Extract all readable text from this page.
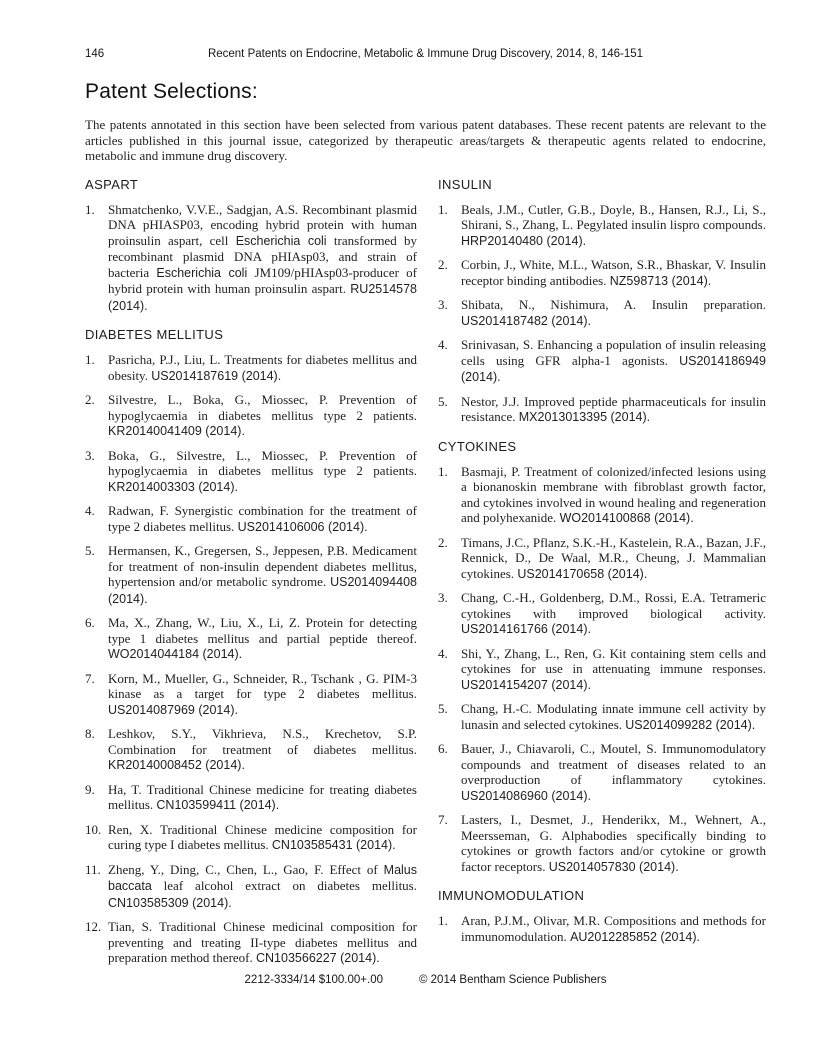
146	Recent Patents on Endocrine, Metabolic & Immune Drug Discovery, 2014, 8, 146-151
Patent Selections:

The patents annotated in this section have been selected from various patent databases. These recent patents are relevant to the articles published in this journal issue, categorized by therapeutic areas/targets & therapeutic agents related to endocrine, metabolic and immune drug discovery.

ASPART
1.	Shmatchenko, V.V.E., Sadgjan, A.S. Recombinant plasmid DNA pHIASP03, encoding hybrid protein with human proinsulin aspart, cell Escherichia coli transformed by recombinant plasmid DNA pHIAsp03, and strain of bacteria Escherichia coli JM109/pHIAsp03-producer of hybrid protein with human proinsulin aspart. RU2514578 (2014).
DIABETES MELLITUS
1.	Pasricha, P.J., Liu, L. Treatments for diabetes mellitus and obesity. US2014187619 (2014).
2.	Silvestre, L., Boka, G., Miossec, P. Prevention of hypoglycaemia in diabetes mellitus type 2 patients. KR20140041409 (2014).
3.	Boka, G., Silvestre, L., Miossec, P. Prevention of hypoglycaemia in diabetes mellitus type 2 patients. KR2014003303 (2014).
4.	Radwan, F. Synergistic combination for the treatment of type 2 diabetes mellitus. US2014106006 (2014).
5.	Hermansen, K., Gregersen, S., Jeppesen, P.B. Medicament for treatment of non-insulin dependent diabetes mellitus, hypertension and/or metabolic syndrome. US2014094408 (2014).
6.	Ma, X., Zhang, W., Liu, X., Li, Z. Protein for detecting type 1 diabetes mellitus and partial peptide thereof. WO2014044184 (2014).
7.	Korn, M., Mueller, G., Schneider, R., Tschank , G. PIM-3 kinase as a target for type 2 diabetes mellitus. US2014087969 (2014).
8.	Leshkov, S.Y., Vikhrieva, N.S., Krechetov, S.P. Combination for treatment of diabetes mellitus. KR20140008452 (2014).
9.	Ha, T. Traditional Chinese medicine for treating diabetes mellitus. CN103599411 (2014).
10. Ren, X. Traditional Chinese medicine composition for curing type I diabetes mellitus. CN103585431 (2014).
11. Zheng, Y., Ding, C., Chen, L., Gao, F. Effect of Malus baccata leaf alcohol extract on diabetes mellitus. CN103585309 (2014).
12. Tian, S. Traditional Chinese medicinal composition for preventing and treating II-type diabetes mellitus and preparation method thereof. CN103566227 (2014).
INSULIN
1.	Beals, J.M., Cutler, G.B., Doyle, B., Hansen, R.J., Li, S., Shirani, S., Zhang, L. Pegylated insulin lispro compounds. HRP20140480 (2014).
2.	Corbin, J., White, M.L., Watson, S.R., Bhaskar, V. Insulin receptor binding antibodies. NZ598713 (2014).
3.	Shibata, N., Nishimura, A. Insulin preparation. US2014187482 (2014).
4.	Srinivasan, S. Enhancing a population of insulin releasing cells using GFR alpha-1 agonists. US2014186949 (2014).
5.	Nestor, J.J. Improved peptide pharmaceuticals for insulin resistance. MX2013013395 (2014).
CYTOKINES
1.	Basmaji, P. Treatment of colonized/infected lesions using a bionanoskin membrane with fibroblast growth factor, and cytokines involved in wound healing and regeneration and polyhexanide. WO2014100868 (2014).
2.	Timans, J.C., Pflanz, S.K.-H., Kastelein, R.A., Bazan, J.F., Rennick, D., De Waal, M.R., Cheung, J. Mammalian cytokines. US2014170658 (2014).
3.	Chang, C.-H., Goldenberg, D.M., Rossi, E.A. Tetrameric cytokines with improved biological activity. US2014161766 (2014).
4.	Shi, Y., Zhang, L., Ren, G. Kit containing stem cells and cytokines for use in attenuating immune responses. US2014154207 (2014).
5.	Chang, H.-C. Modulating innate immune cell activity by lunasin and selected cytokines. US2014099282 (2014).
6.	Bauer, J., Chiavaroli, C., Moutel, S. Immunomodulatory compounds and treatment of diseases related to an overproduction of inflammatory cytokines. US2014086960 (2014).
7.	Lasters, I., Desmet, J., Henderikx, M., Wehnert, A., Meersseman, G. Alphabodies specifically binding to cytokines or growth factors and/or cytokine or growth factor receptors. US2014057830 (2014).
IMMUNOMODULATION
1.	Aran, P.J.M., Olivar, M.R. Compositions and methods for immunomodulation. AU2012285852 (2014).
2212-3334/14 $100.00+.00	© 2014 Bentham Science Publishers
